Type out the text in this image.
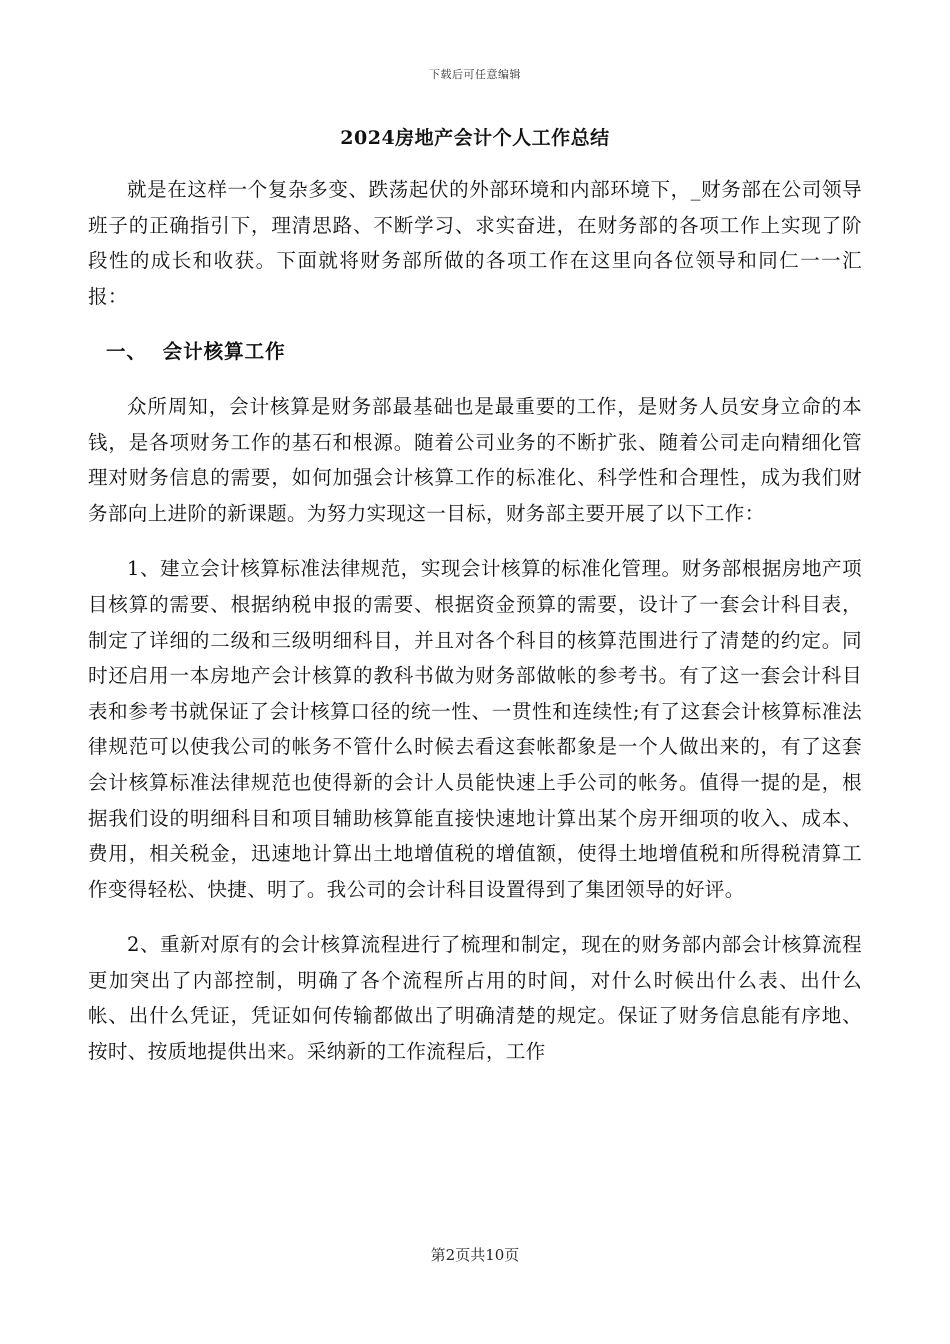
下载后可任意编辑
2024房地产会计个人工作总结

就是在这样一个复杂多变、跌荡起伏的外部环境和内部环境下，_财务部在公司领导班子的正确指引下，理清思路、不断学习、求实奋进，在财务部的各项工作上实现了阶段性的成长和收获。下面就将财务部所做的各项工作在这里向各位领导和同仁一一汇报：

一、  会计核算工作

众所周知，会计核算是财务部最基础也是最重要的工作，是财务人员安身立命的本钱，是各项财务工作的基石和根源。随着公司业务的不断扩张、随着公司走向精细化管理对财务信息的需要，如何加强会计核算工作的标准化、科学性和合理性，成为我们财务部向上进阶的新课题。为努力实现这一目标，财务部主要开展了以下工作：

1、建立会计核算标准法律规范，实现会计核算的标准化管理。财务部根据房地产项目核算的需要、根据纳税申报的需要、根据资金预算的需要，设计了一套会计科目表，制定了详细的二级和三级明细科目，并且对各个科目的核算范围进行了清楚的约定。同时还启用一本房地产会计核算的教科书做为财务部做帐的参考书。有了这一套会计科目表和参考书就保证了会计核算口径的统一性、一贯性和连续性;有了这套会计核算标准法律规范可以使我公司的帐务不管什么时候去看这套帐都象是一个人做出来的，有了这套会计核算标准法律规范也使得新的会计人员能快速上手公司的帐务。值得一提的是，根据我们设的明细科目和项目辅助核算能直接快速地计算出某个房开细项的收入、成本、费用，相关税金，迅速地计算出土地增值税的增值额，使得土地增值税和所得税清算工作变得轻松、快捷、明了。我公司的会计科目设置得到了集团领导的好评。

2、重新对原有的会计核算流程进行了梳理和制定，现在的财务部内部会计核算流程更加突出了内部控制，明确了各个流程所占用的时间，对什么时候出什么表、出什么帐、出什么凭证，凭证如何传输都做出了明确清楚的规定。保证了财务信息能有序地、按时、按质地提供出来。采纳新的工作流程后，工作

第2页共10页
